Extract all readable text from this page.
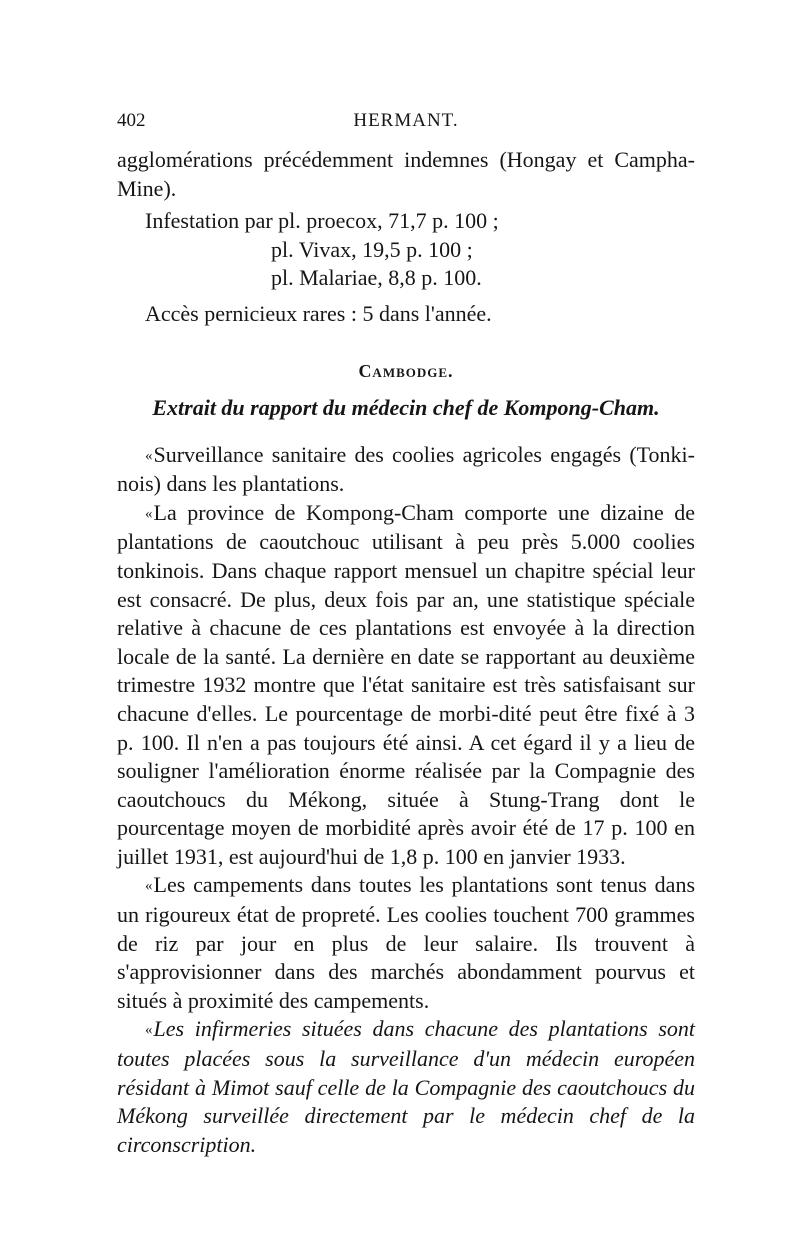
402	HERMANT.

agglomérations précédemment indemnes (Hongay et Campha-Mine).

Infestation par pl. proecox, 71,7 p. 100 ;
pl. Vivax, 19,5 p. 100 ;
pl. Malariae, 8,8 p. 100.

Accès pernicieux rares : 5 dans l'année.

Cambodge.
Extrait du rapport du médecin chef de Kompong-Cham.

«Surveillance sanitaire des coolies agricoles engagés (Tonki-nois) dans les plantations.

«La province de Kompong-Cham comporte une dizaine de plantations de caoutchouc utilisant à peu près 5.000 coolies tonkinois. Dans chaque rapport mensuel un chapitre spécial leur est consacré. De plus, deux fois par an, une statistique spéciale relative à chacune de ces plantations est envoyée à la direction locale de la santé. La dernière en date se rapportant au deuxième trimestre 1932 montre que l'état sanitaire est très satisfaisant sur chacune d'elles. Le pourcentage de morbi-dité peut être fixé à 3 p. 100. Il n'en a pas toujours été ainsi. A cet égard il y a lieu de souligner l'amélioration énorme réalisée par la Compagnie des caoutchoucs du Mékong, située à Stung-Trang dont le pourcentage moyen de morbidité après avoir été de 17 p. 100 en juillet 1931, est aujourd'hui de 1,8 p. 100 en janvier 1933.

«Les campements dans toutes les plantations sont tenus dans un rigoureux état de propreté. Les coolies touchent 700 grammes de riz par jour en plus de leur salaire. Ils trouvent à s'approvisionner dans des marchés abondamment pourvus et situés à proximité des campements.

«Les infirmeries situées dans chacune des plantations sont toutes placées sous la surveillance d'un médecin européen résidant à Mimot sauf celle de la Compagnie des caoutchoucs du Mékong surveillée directement par le médecin chef de la circonscription.
